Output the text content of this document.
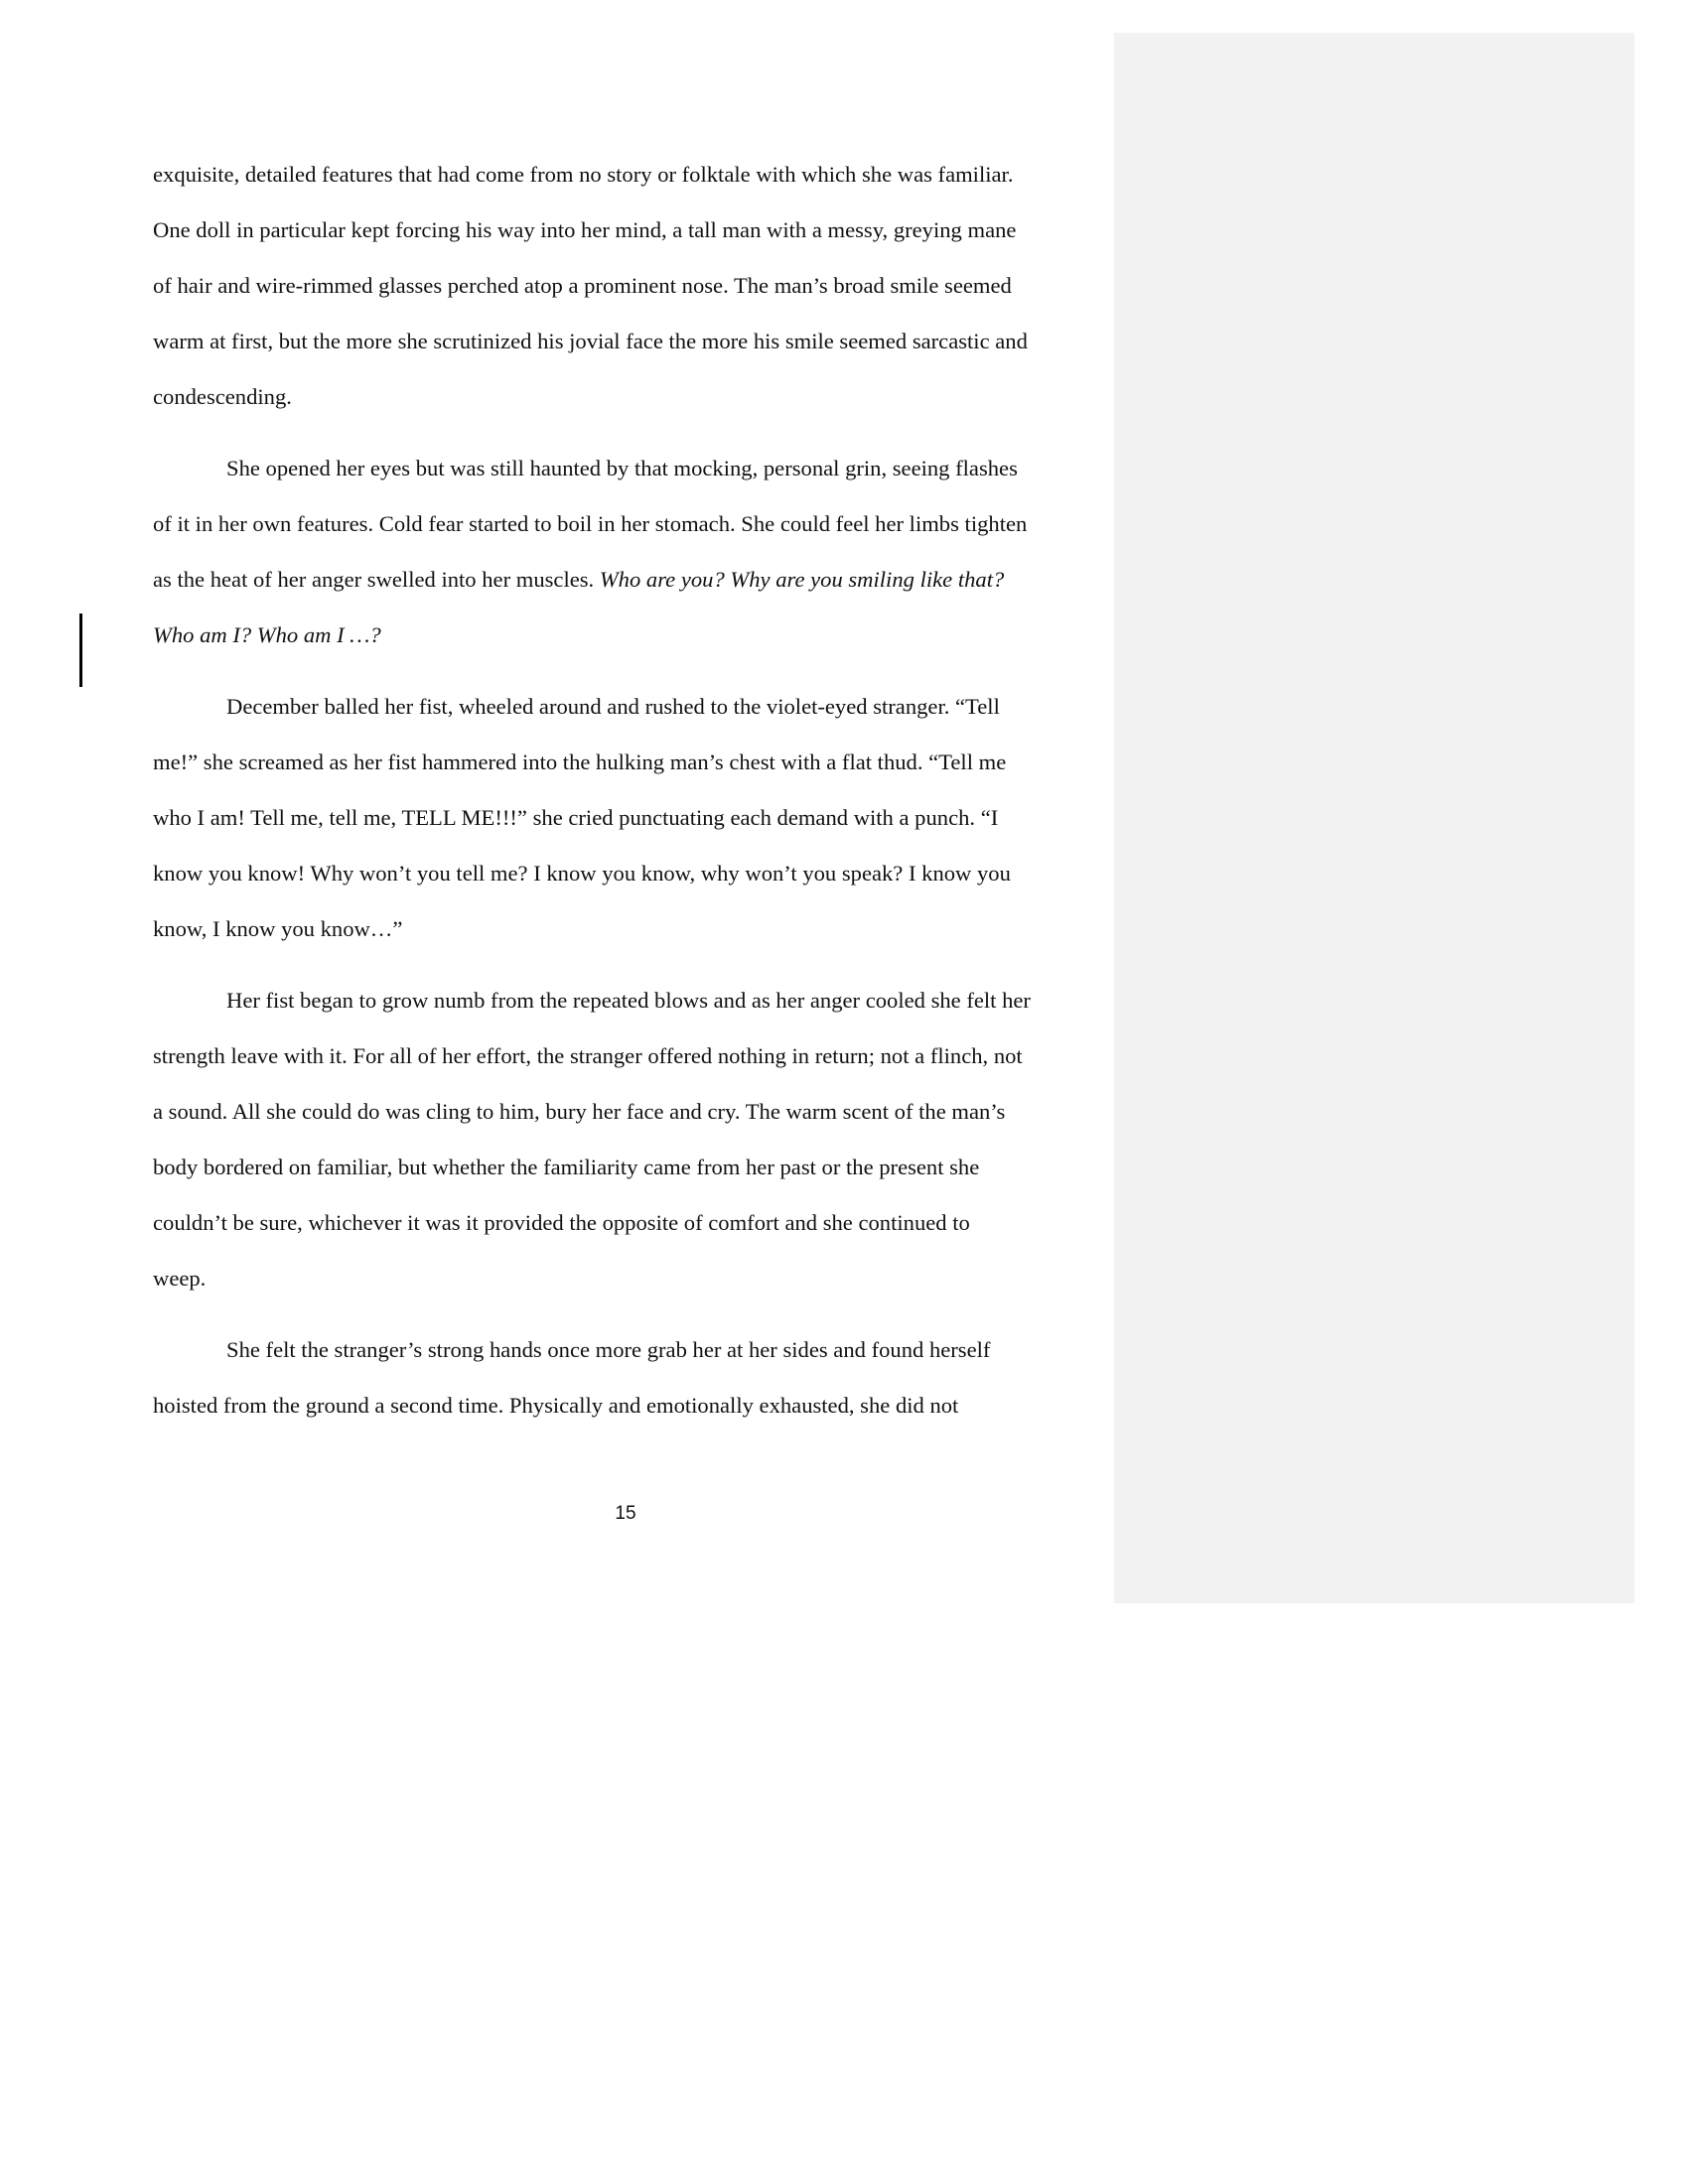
exquisite, detailed features that had come from no story or folktale with which she was familiar.
One doll in particular kept forcing his way into her mind, a tall man with a messy, greying mane
of hair and wire-rimmed glasses perched atop a prominent nose. The man’s broad smile seemed
warm at first, but the more she scrutinized his jovial face the more his smile seemed sarcastic and
condescending.

She opened her eyes but was still haunted by that mocking, personal grin, seeing flashes
of it in her own features. Cold fear started to boil in her stomach. She could feel her limbs tighten
as the heat of her anger swelled into her muscles. Who are you? Why are you smiling like that?
Who am I? Who am I …?

December balled her fist, wheeled around and rushed to the violet-eyed stranger. “Tell
me!” she screamed as her fist hammered into the hulking man’s chest with a flat thud. “Tell me
who I am! Tell me, tell me, TELL ME!!!” she cried punctuating each demand with a punch. “I
know you know! Why won’t you tell me? I know you know, why won’t you speak? I know you
know, I know you know…”

Her fist began to grow numb from the repeated blows and as her anger cooled she felt her
strength leave with it. For all of her effort, the stranger offered nothing in return; not a flinch, not
a sound. All she could do was cling to him, bury her face and cry. The warm scent of the man’s
body bordered on familiar, but whether the familiarity came from her past or the present she
couldn’t be sure, whichever it was it provided the opposite of comfort and she continued to
weep.

She felt the stranger’s strong hands once more grab her at her sides and found herself
hoisted from the ground a second time. Physically and emotionally exhausted, she did not

15
